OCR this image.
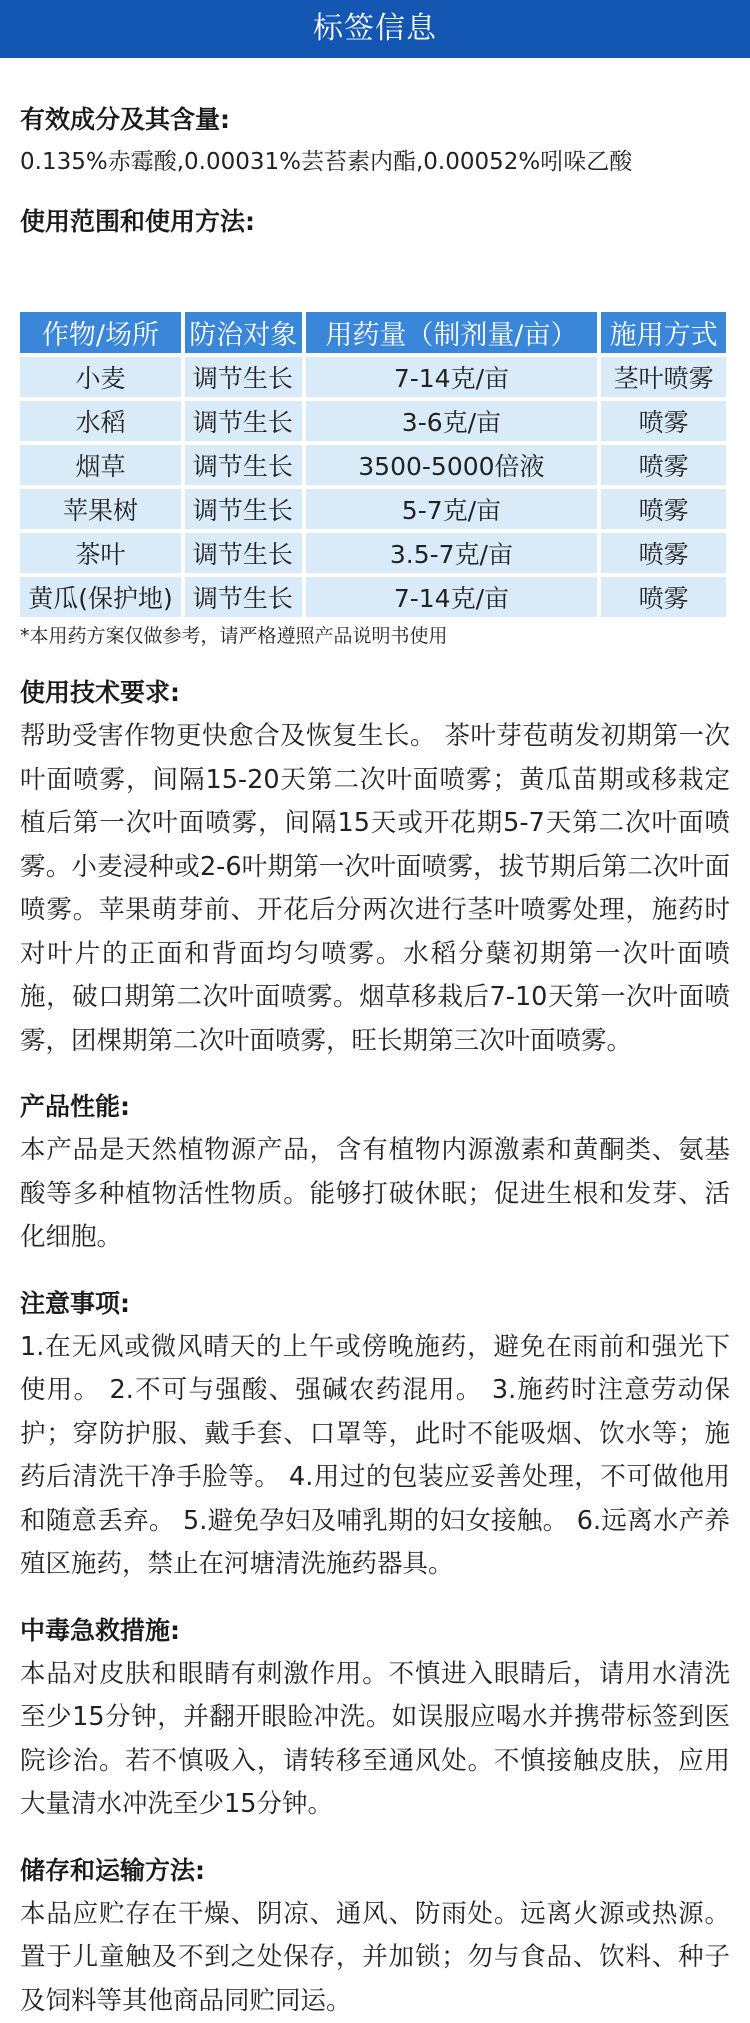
标签信息

有效成分及其含量:

0.135%赤霉酸,0.00031%芸苔素内酯,0.00052%吲哚乙酸

使用范围和使用方法:

作物/场所	防治对象	用药量（制剂量/亩）	施用方式
小麦	调节生长	7-14克/亩	茎叶喷雾
水稻	调节生长	3-6克/亩	喷雾
烟草	调节生长	3500-5000倍液	喷雾
苹果树	调节生长	5-7克/亩	喷雾
茶叶	调节生长	3.5-7克/亩	喷雾
黄瓜(保护地)	调节生长	7-14克/亩	喷雾

*本用药方案仅做参考，请严格遵照产品说明书使用

使用技术要求:

帮助受害作物更快愈合及恢复生长。 茶叶芽苞萌发初期第一次叶面喷雾，间隔15-20天第二次叶面喷雾；黄瓜苗期或移栽定植后第一次叶面喷雾，间隔15天或开花期5-7天第二次叶面喷雾。小麦浸种或2-6叶期第一次叶面喷雾，拔节期后第二次叶面喷雾。苹果萌芽前、开花后分两次进行茎叶喷雾处理，施药时对叶片的正面和背面均匀喷雾。水稻分蘖初期第一次叶面喷施，破口期第二次叶面喷雾。烟草移栽后7-10天第一次叶面喷雾，团棵期第二次叶面喷雾，旺长期第三次叶面喷雾。

产品性能:

本产品是天然植物源产品，含有植物内源激素和黄酮类、氨基酸等多种植物活性物质。能够打破休眠；促进生根和发芽、活化细胞。

注意事项:

1.在无风或微风晴天的上午或傍晚施药，避免在雨前和强光下使用。 2.不可与强酸、强碱农药混用。 3.施药时注意劳动保护；穿防护服、戴手套、口罩等，此时不能吸烟、饮水等；施药后清洗干净手脸等。 4.用过的包装应妥善处理，不可做他用和随意丢弃。 5.避免孕妇及哺乳期的妇女接触。 6.远离水产养殖区施药，禁止在河塘清洗施药器具。

中毒急救措施:

本品对皮肤和眼睛有刺激作用。不慎进入眼睛后，请用水清洗至少15分钟，并翻开眼睑冲洗。如误服应喝水并携带标签到医院诊治。若不慎吸入，请转移至通风处。不慎接触皮肤，应用大量清水冲洗至少15分钟。

储存和运输方法:

本品应贮存在干燥、阴凉、通风、防雨处。远离火源或热源。置于儿童触及不到之处保存，并加锁；勿与食品、饮料、种子及饲料等其他商品同贮同运。
